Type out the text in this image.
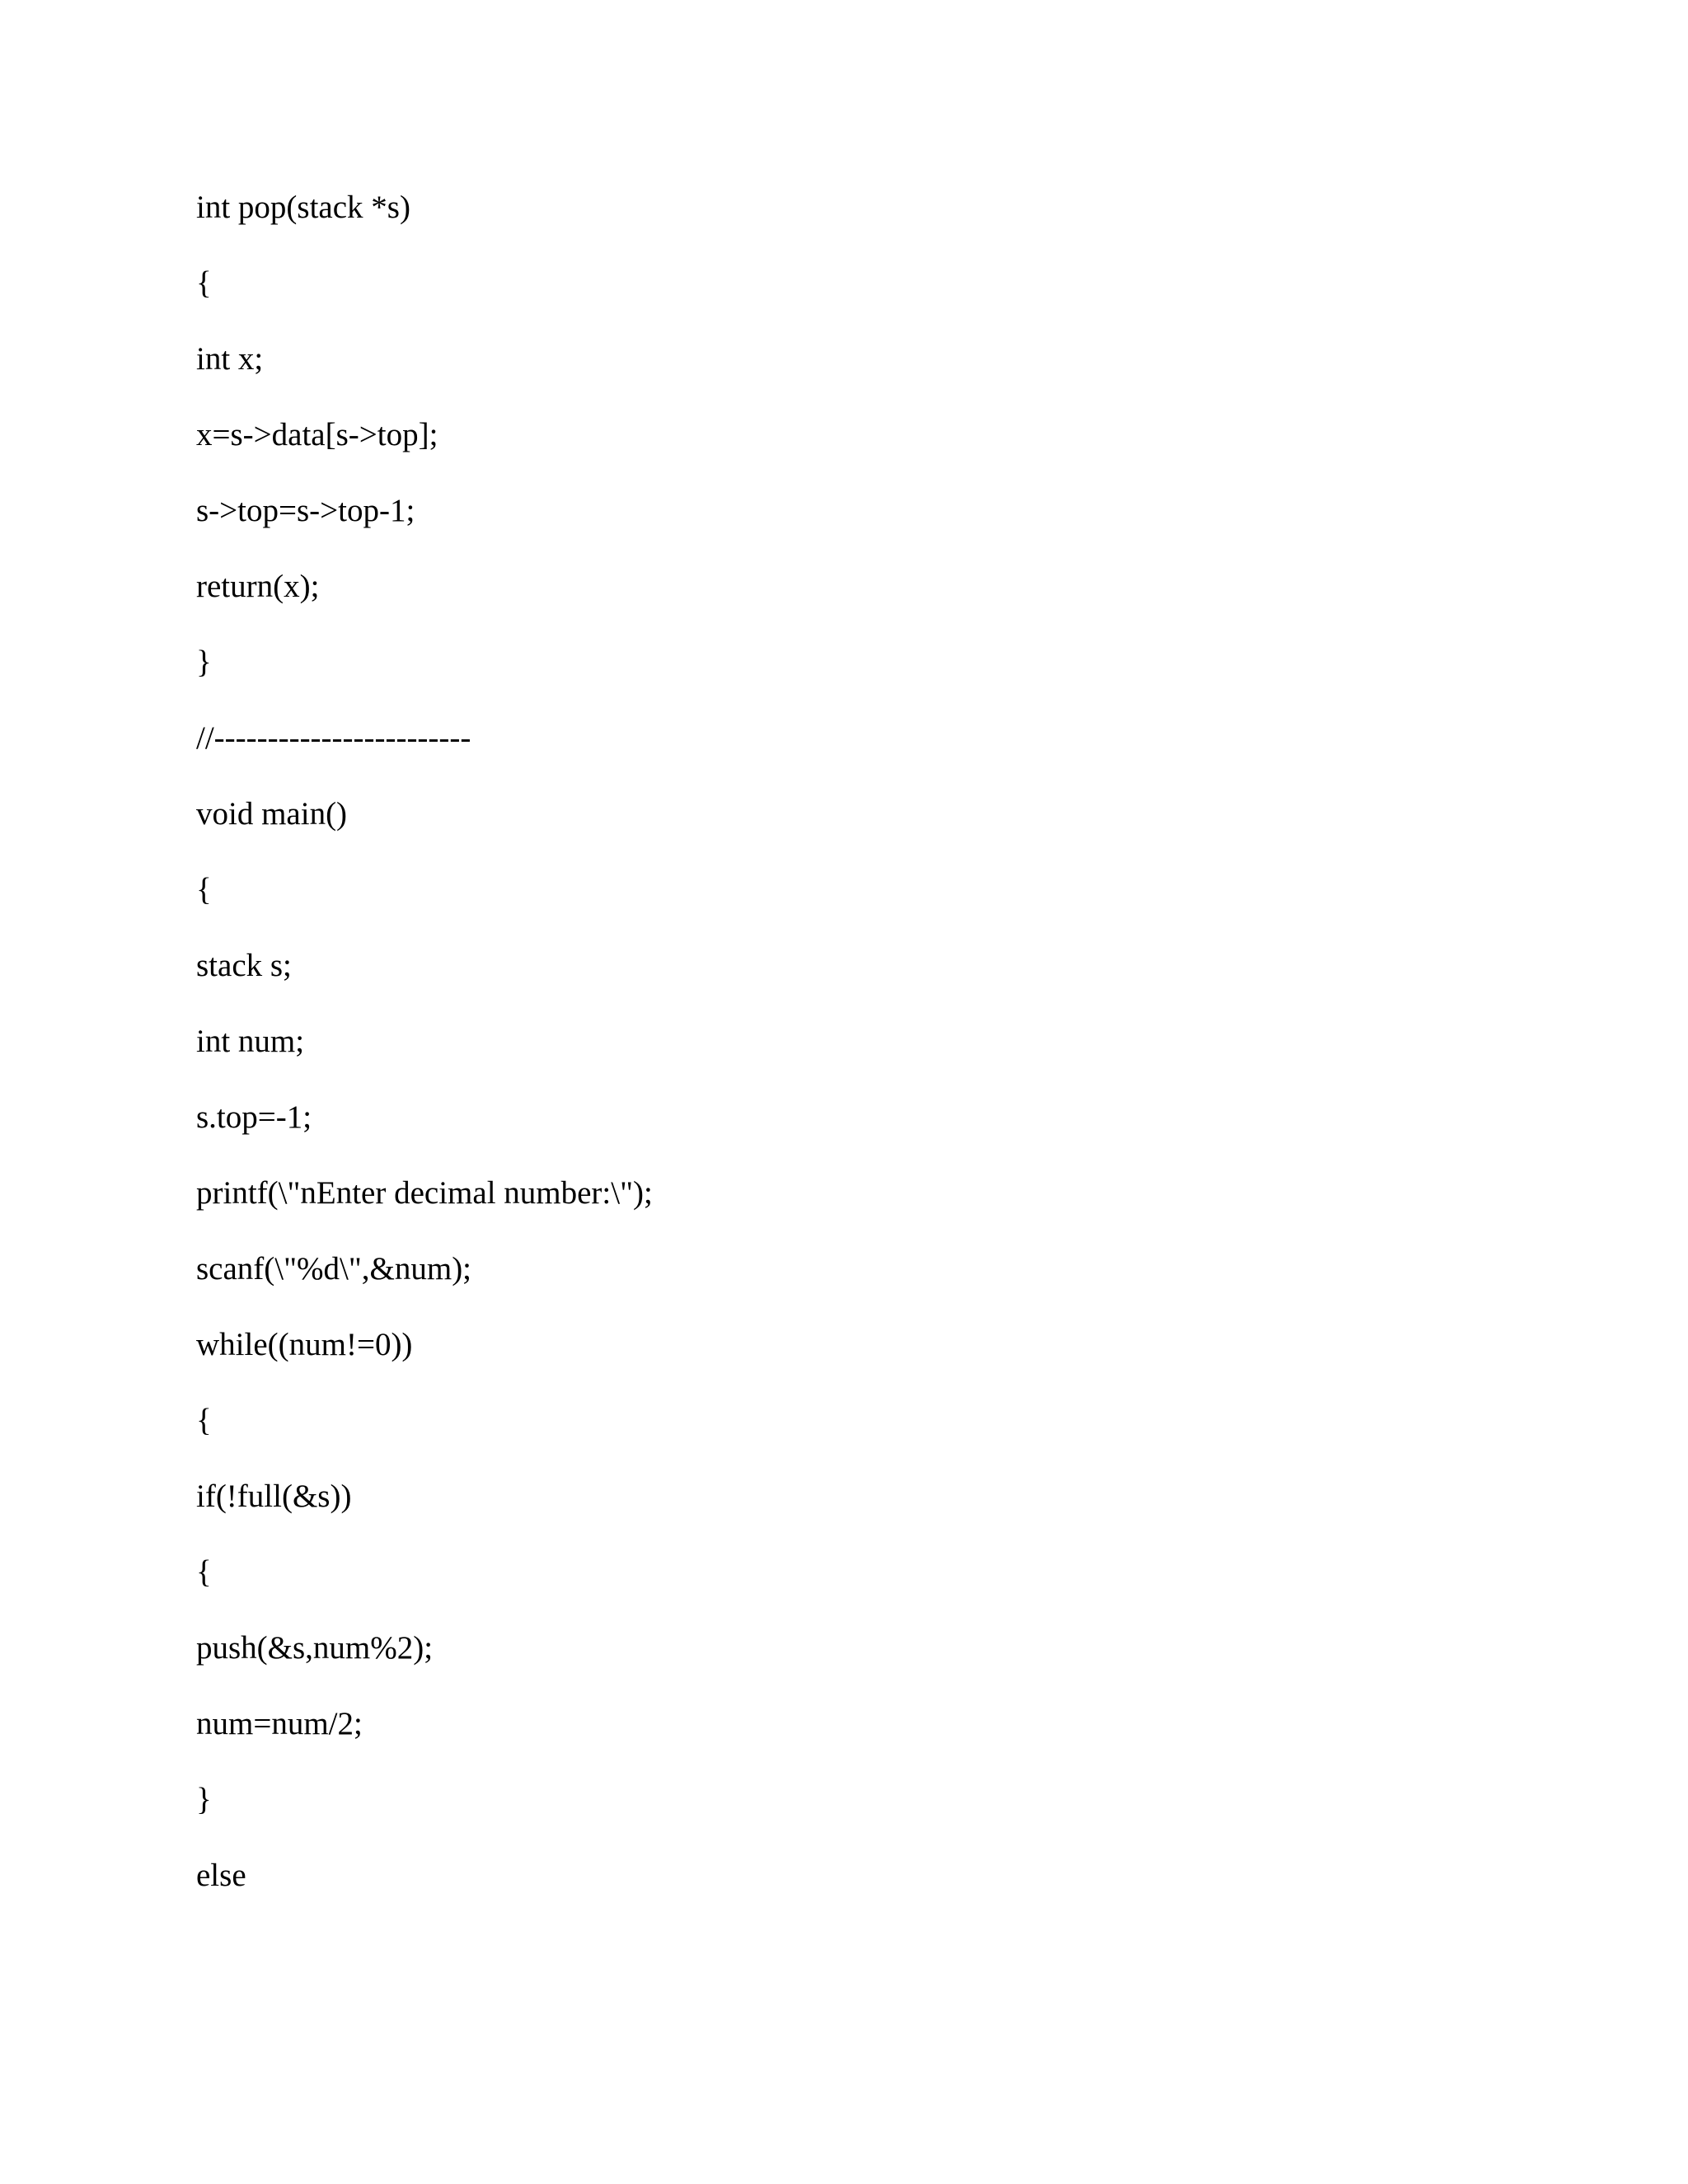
int pop(stack *s)
{
int x;
x=s->data[s->top];
s->top=s->top-1;
return(x);
}
//------------------------
void main()
{
stack s;
int num;
s.top=-1;
printf(\"nEnter decimal number:\");
scanf(\"%d\",&num);
while((num!=0))
{
if(!full(&s))
{
push(&s,num%2);
num=num/2;
}
else
